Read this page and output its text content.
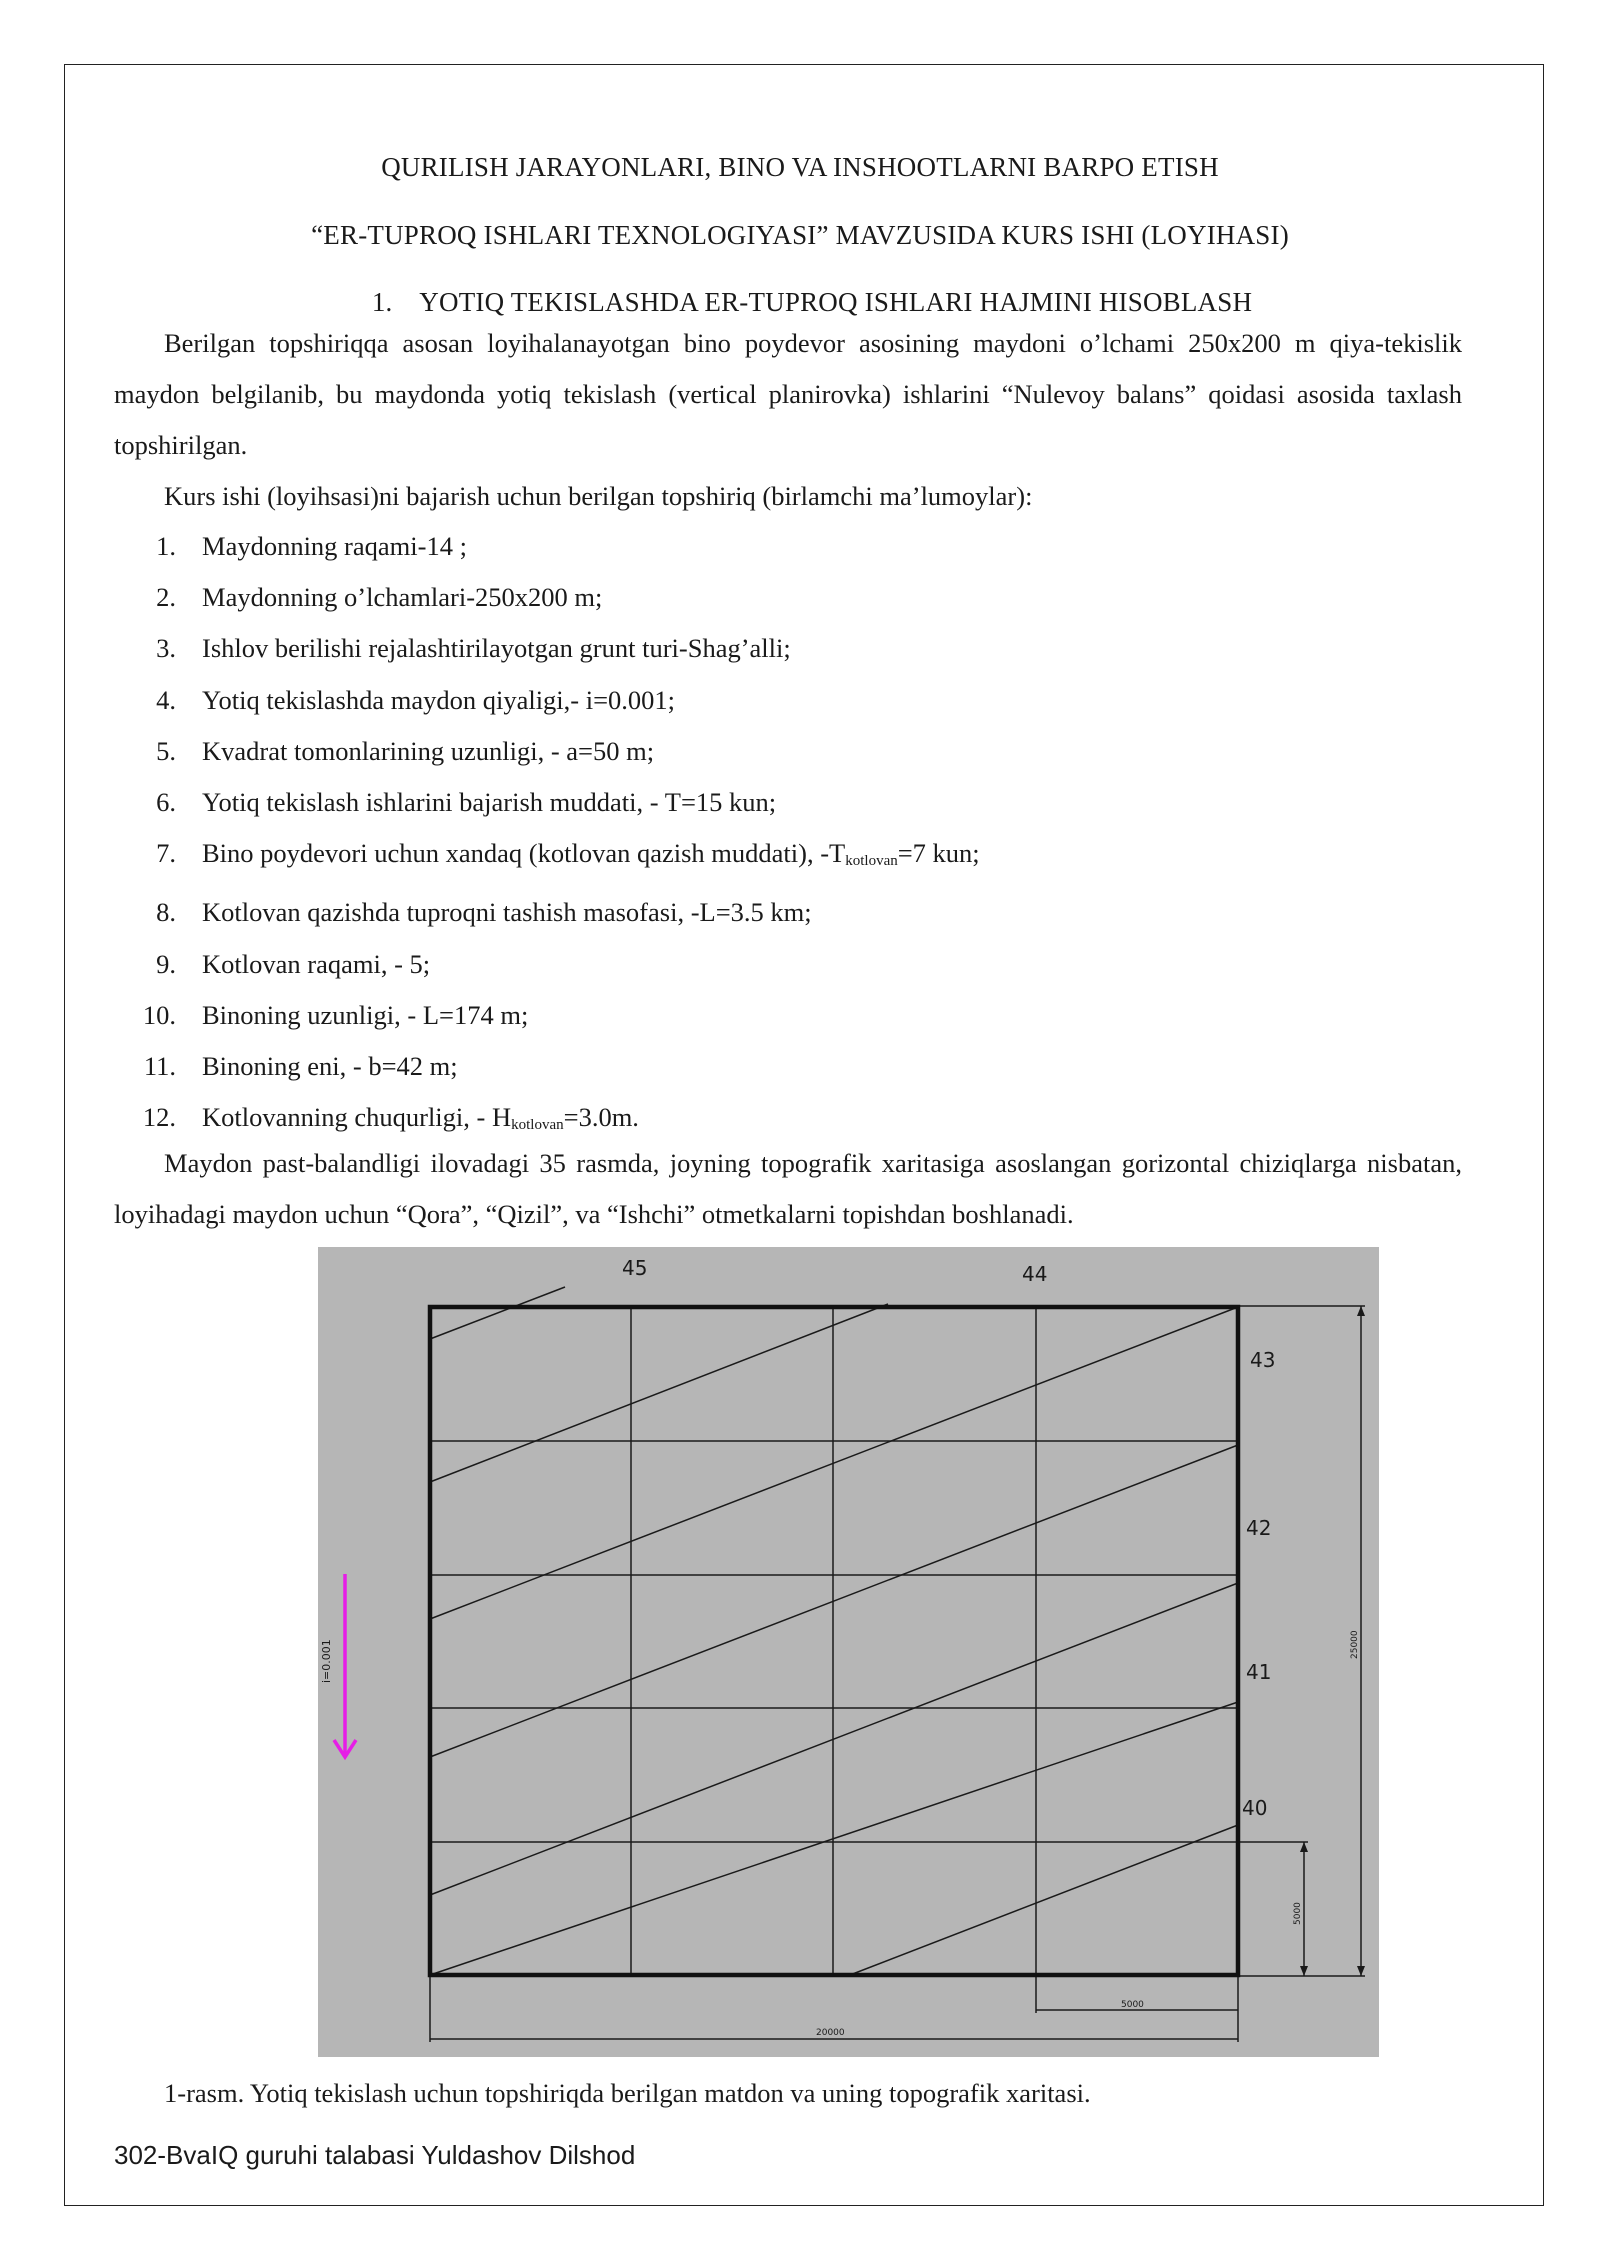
QURILISH JARAYONLARI, BINO VA INSHOOTLARNI BARPO ETISH
“ER-TUPROQ ISHLARI TEXNOLOGIYASI” MAVZUSIDA KURS ISHI (LOYIHASI)
1. YOTIQ TEKISLASHDA ER-TUPROQ ISHLARI HAJMINI HISOBLASH

Berilgan topshiriqqa asosan loyihalanayotgan bino poydevor asosining maydoni o’lchami 250x200 m qiya-tekislik maydon belgilanib, bu maydonda yotiq tekislash (vertical planirovka) ishlarini “Nulevoy balans” qoidasi asosida taxlash topshirilgan.

Kurs ishi (loyihsasi)ni bajarish uchun berilgan topshiriq (birlamchi ma’lumoylar):

1. Maydonning raqami-14 ;
2. Maydonning o’lchamlari-250x200 m;
3. Ishlov berilishi rejalashtirilayotgan grunt turi-Shag’alli;
4. Yotiq tekislashda maydon qiyaligi,- i=0.001;
5. Kvadrat tomonlarining uzunligi, - a=50 m;
6. Yotiq tekislash ishlarini bajarish muddati, - T=15 kun;
7. Bino poydevori uchun xandaq (kotlovan qazish muddati), $-T_{kotlovan}=7$ kun;
8. Kotlovan qazishda tuproqni tashish masofasi, -L=3.5 km;
9. Kotlovan raqami, - 5;
10. Binoning uzunligi, - L=174 m;
11. Binoning eni, - b=42 m;
12. Kotlovanning chuqurligi, - $H_{kotlovan}=3.0m$.

Maydon past-balandligi ilovadagi 35 rasmda, joyning topografik xaritasiga asoslangan gorizontal chiziqlarga nisbatan, loyihadagi maydon uchun “Qora”, “Qizil”, va “Ishchi” otmetkalarni topishdan boshlanadi.

45	44
43
42
41
40
20000
5000
25000
5000
i=0.001
1-rasm. Yotiq tekislash uchun topshiriqda berilgan matdon va uning topografik xaritasi.
302-BvaIQ guruhi talabasi Yuldashov Dilshod
